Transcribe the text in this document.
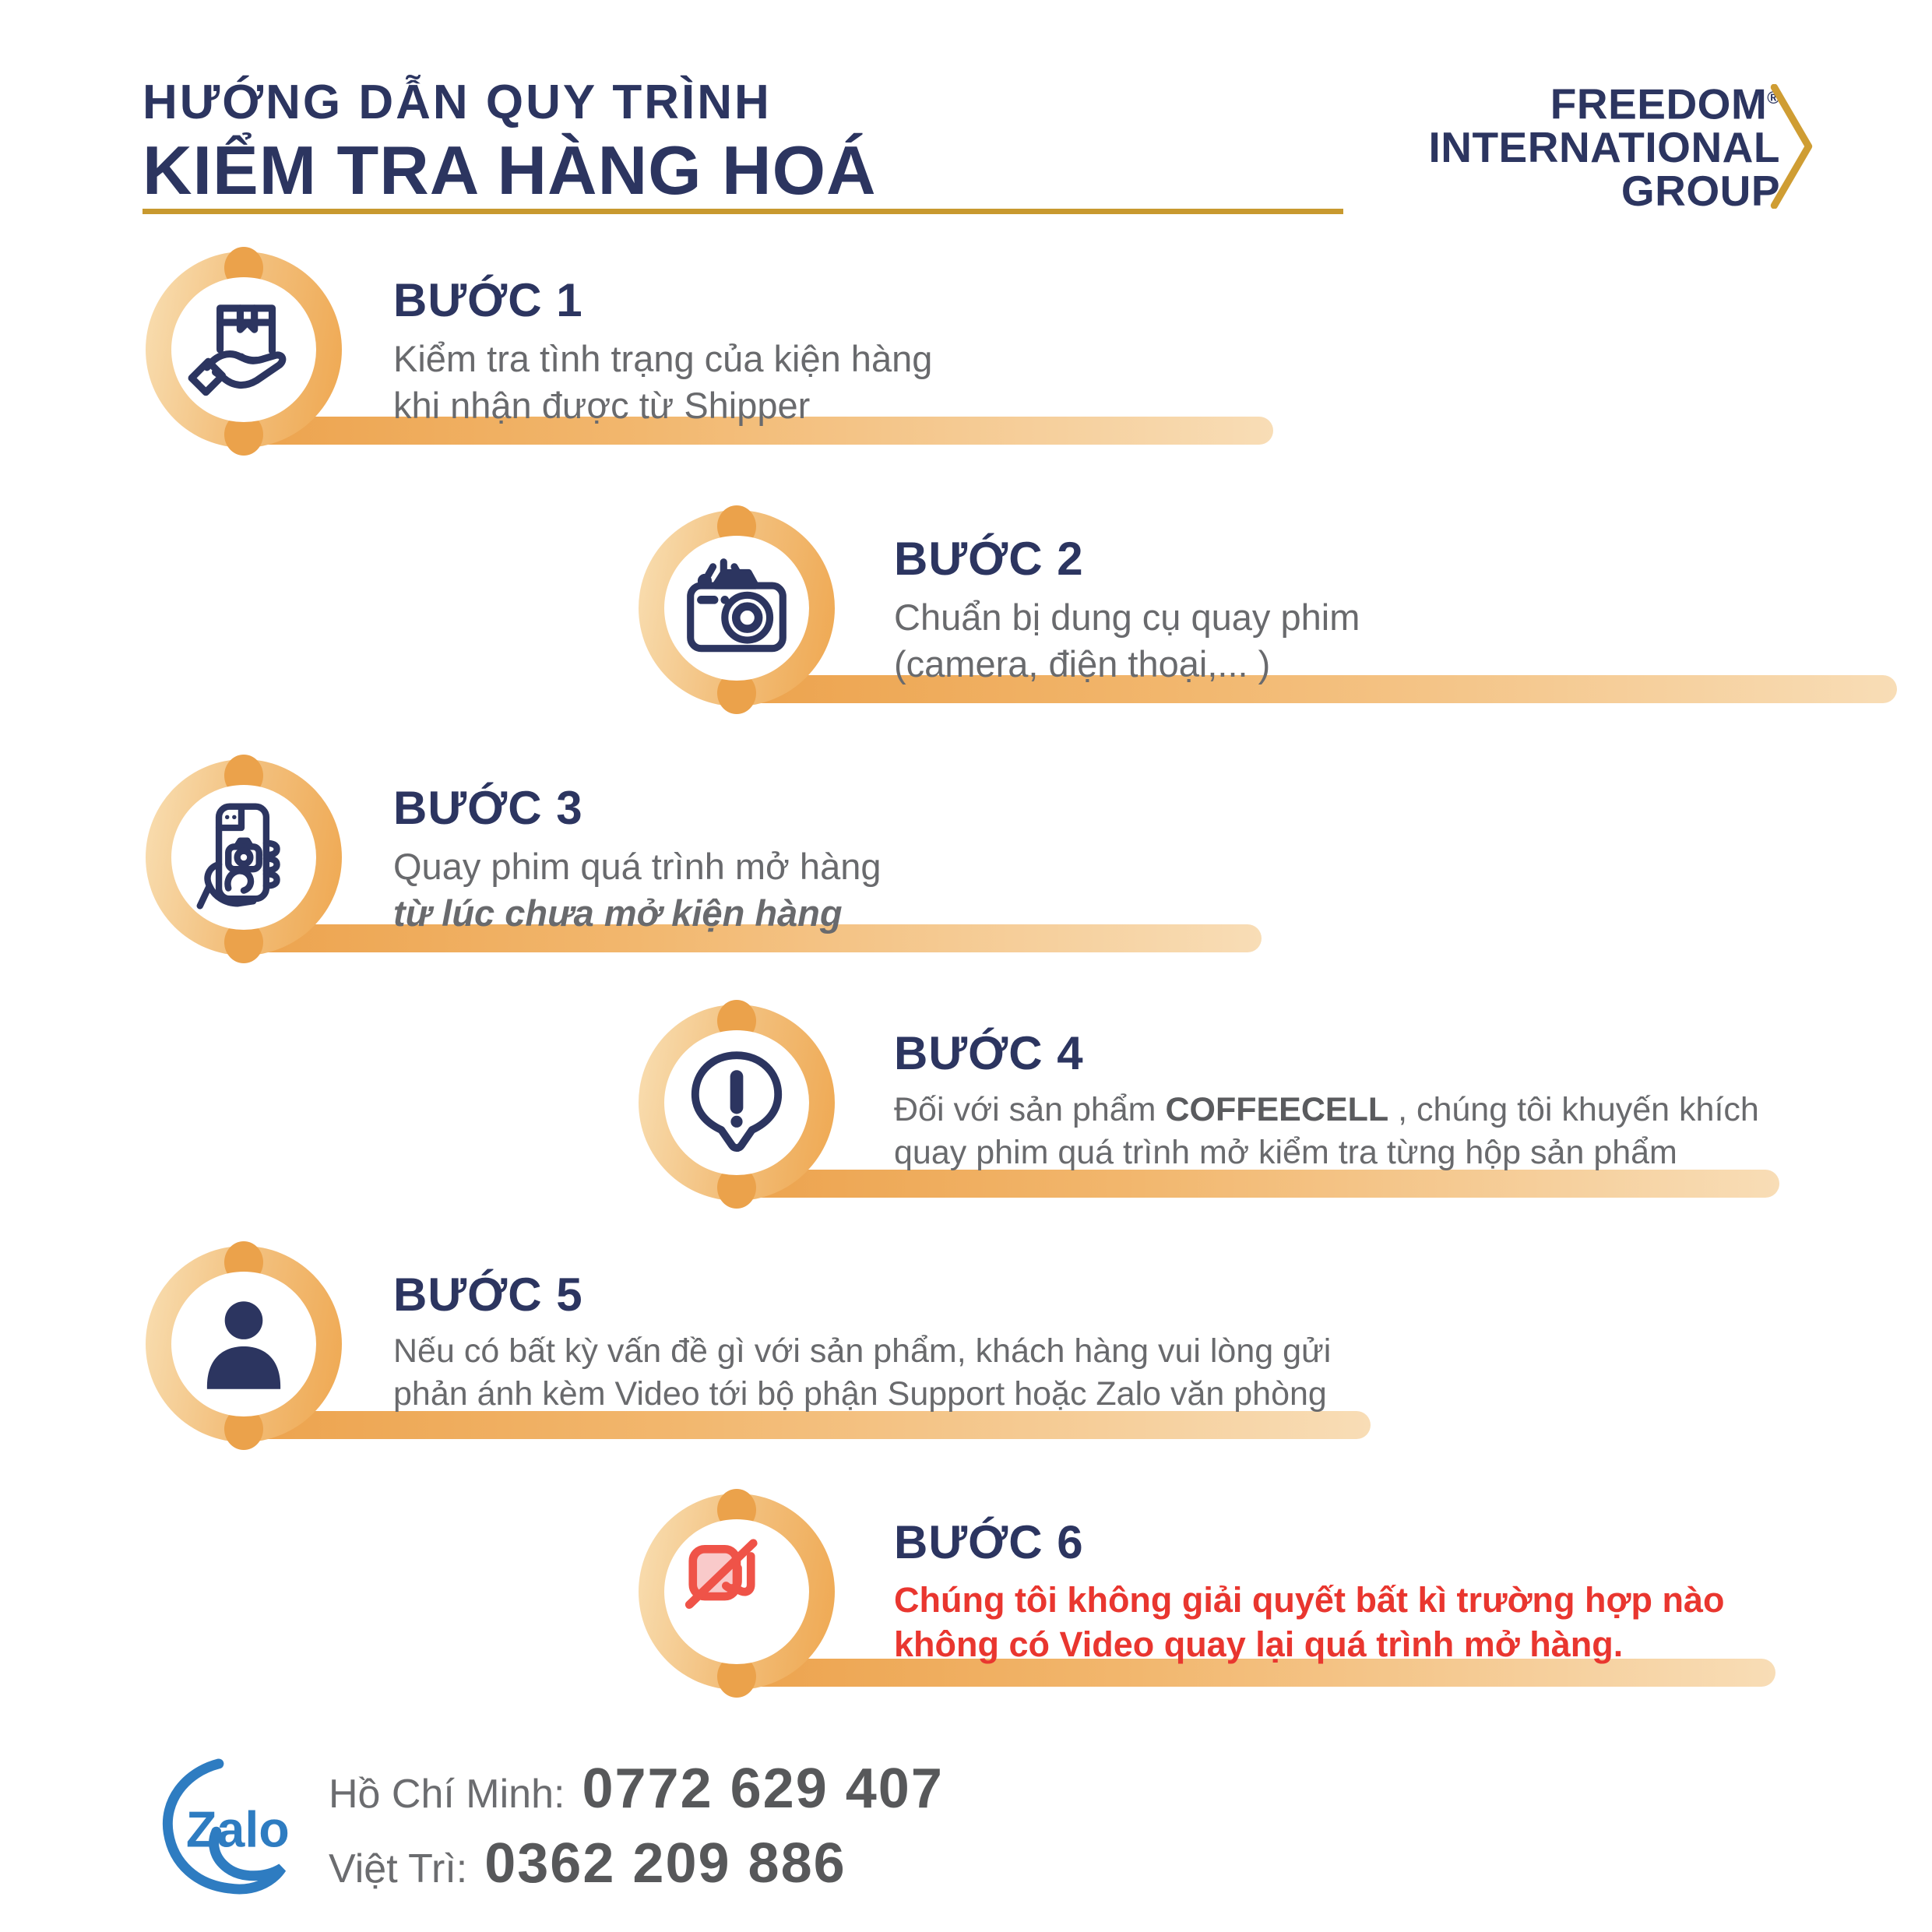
HƯỚNG DẪN QUY TRÌNH
KIỂM TRA HÀNG HOÁ
FREEDOM®
INTERNATIONAL
GROUP
BƯỚC 1
Kiểm tra tình trạng của kiện hàng
khi nhận được từ Shipper
BƯỚC 2
Chuẩn bị dung cụ quay phim
(camera, điện thoại,... )
BƯỚC 3
Quay phim quá trình mở hàng
từ lúc chưa mở kiện hàng
BƯỚC 4
Đối với sản phẩm COFFEECELL , chúng tôi khuyến khích
quay phim quá trình mở kiểm tra từng hộp sản phẩm
BƯỚC 5
Nếu có bất kỳ vấn đề gì với sản phẩm, khách hàng vui lòng gửi
phản ánh kèm Video tới bộ phận Support hoặc Zalo văn phòng
BƯỚC 6
Chúng tôi không giải quyết bất kì trường hợp nào
không có Video quay lại quá trình mở hàng.
Zalo
Hồ Chí Minh: 0772 629 407
Việt Trì: 0362 209 886
